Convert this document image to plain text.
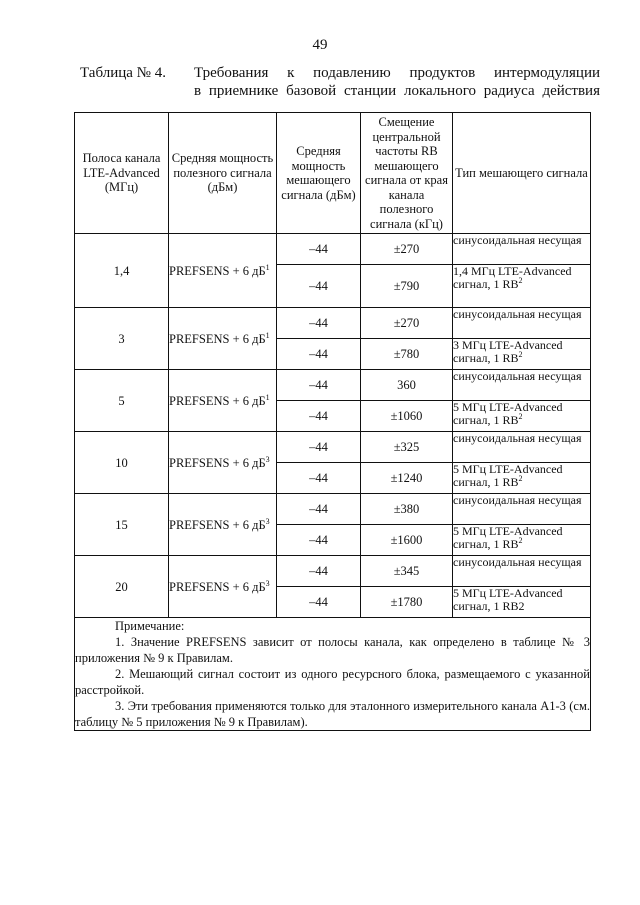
49
Таблица № 4. Требования к подавлению продуктов интермодуляции
в приемнике базовой станции локального радиуса действия
Полоса канала LTE-Advanced (МГц)	Средняя мощность полезного сигнала (дБм)	Средняя мощность мешающего сигнала (дБм)	Смещение центральной частоты RB мешающего сигнала от края канала полезного сигнала (кГц)	Тип мешающего сигнала
1,4	PREFSENS + 6 $дБ^1$	–44	±270	синусоидальная несущая
		–44	±790	1,4 МГц LTE-Advanced сигнал, 1 $RB^2$
3	PREFSENS + 6 $дБ^1$	–44	±270	синусоидальная несущая
		–44	±780	3 МГц LTE-Advanced сигнал, 1 $RB^2$
5	PREFSENS + 6 $дБ^1$	–44	360	синусоидальная несущая
		–44	±1060	5 МГц LTE-Advanced сигнал, 1 $RB^2$
10	PREFSENS + 6 $дБ^3$	–44	±325	синусоидальная несущая
		–44	±1240	5 МГц LTE-Advanced сигнал, 1 $RB^2$
15	PREFSENS + 6 $дБ^3$	–44	±380	синусоидальная несущая
		–44	±1600	5 МГц LTE-Advanced сигнал, 1 $RB^2$
20	PREFSENS + 6 $дБ^3$	–44	±345	синусоидальная несущая
		–44	±1780	5 МГц LTE-Advanced сигнал, 1 RB2

Примечание:
1. Значение PREFSENS зависит от полосы канала, как определено в таблице № 3 приложения № 9 к Правилам.
2. Мешающий сигнал состоит из одного ресурсного блока, размещаемого с указанной расстройкой.
3. Эти требования применяются только для эталонного измерительного канала A1-3 (см. таблицу № 5 приложения № 9 к Правилам).				
